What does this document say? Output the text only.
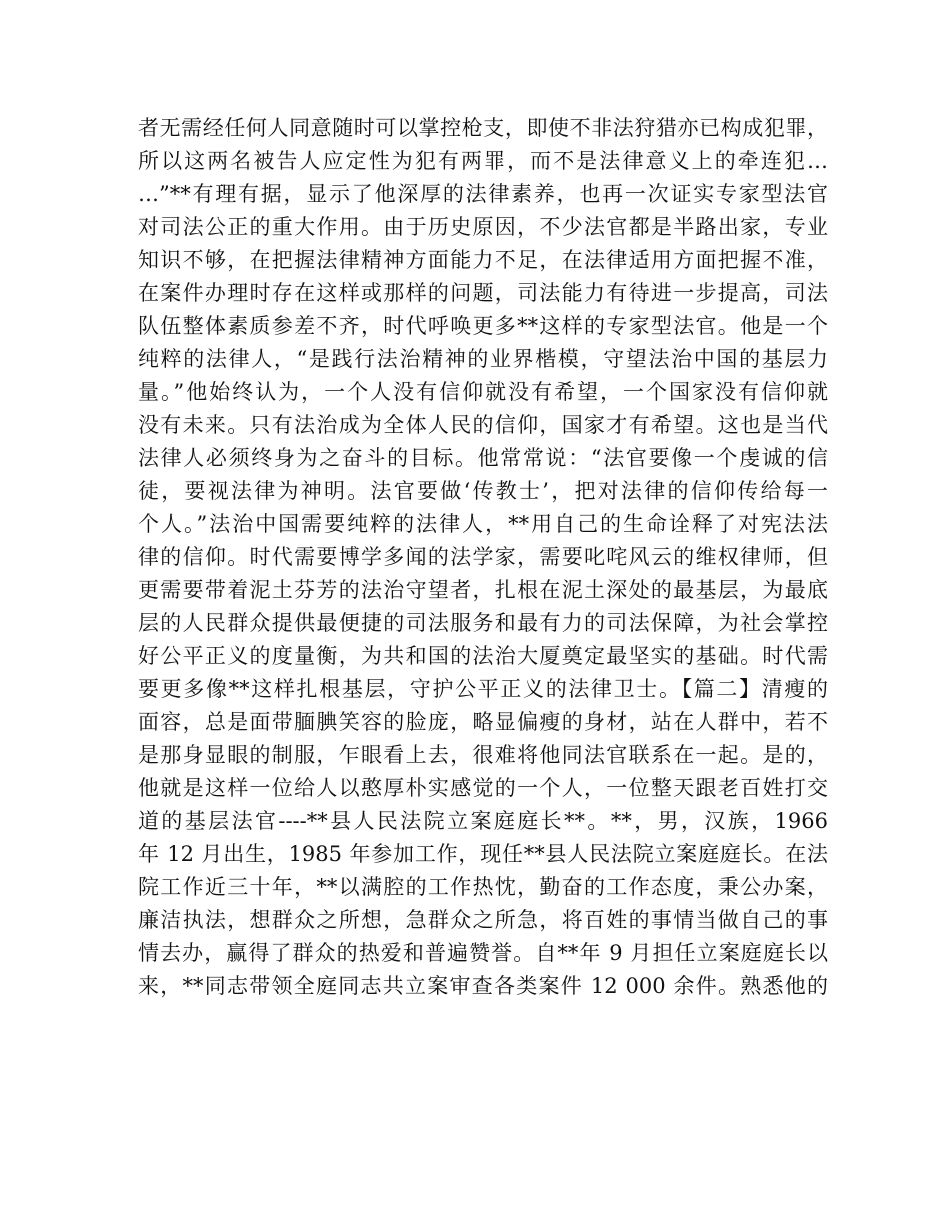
者无需经任何人同意随时可以掌控枪支，即使不非法狩猎亦已构成犯罪，
所以这两名被告人应定性为犯有两罪，而不是法律意义上的牵连犯…
…”**有理有据，显示了他深厚的法律素养，也再一次证实专家型法官
对司法公正的重大作用。由于历史原因，不少法官都是半路出家，专业
知识不够，在把握法律精神方面能力不足，在法律适用方面把握不准，
在案件办理时存在这样或那样的问题，司法能力有待进一步提高，司法
队伍整体素质参差不齐，时代呼唤更多**这样的专家型法官。他是一个
纯粹的法律人，“是践行法治精神的业界楷模，守望法治中国的基层力
量。”他始终认为，一个人没有信仰就没有希望，一个国家没有信仰就
没有未来。只有法治成为全体人民的信仰，国家才有希望。这也是当代
法律人必须终身为之奋斗的目标。他常常说：“法官要像一个虔诚的信
徒，要视法律为神明。法官要做‘传教士’，把对法律的信仰传给每一
个人。”法治中国需要纯粹的法律人，**用自己的生命诠释了对宪法法
律的信仰。时代需要博学多闻的法学家，需要叱咤风云的维权律师，但
更需要带着泥土芬芳的法治守望者，扎根在泥土深处的最基层，为最底
层的人民群众提供最便捷的司法服务和最有力的司法保障，为社会掌控
好公平正义的度量衡，为共和国的法治大厦奠定最坚实的基础。时代需
要更多像**这样扎根基层，守护公平正义的法律卫士。【篇二】清瘦的
面容，总是面带腼腆笑容的脸庞，略显偏瘦的身材，站在人群中，若不
是那身显眼的制服，乍眼看上去，很难将他同法官联系在一起。是的，
他就是这样一位给人以憨厚朴实感觉的一个人，一位整天跟老百姓打交
道的基层法官----**县人民法院立案庭庭长**。**，男，汉族，1966
年 12 月出生，1985 年参加工作，现任**县人民法院立案庭庭长。在法
院工作近三十年，**以满腔的工作热忱，勤奋的工作态度，秉公办案，
廉洁执法，想群众之所想，急群众之所急，将百姓的事情当做自己的事
情去办，赢得了群众的热爱和普遍赞誉。自**年 9 月担任立案庭庭长以
来，**同志带领全庭同志共立案审查各类案件 12 000 余件。熟悉他的
